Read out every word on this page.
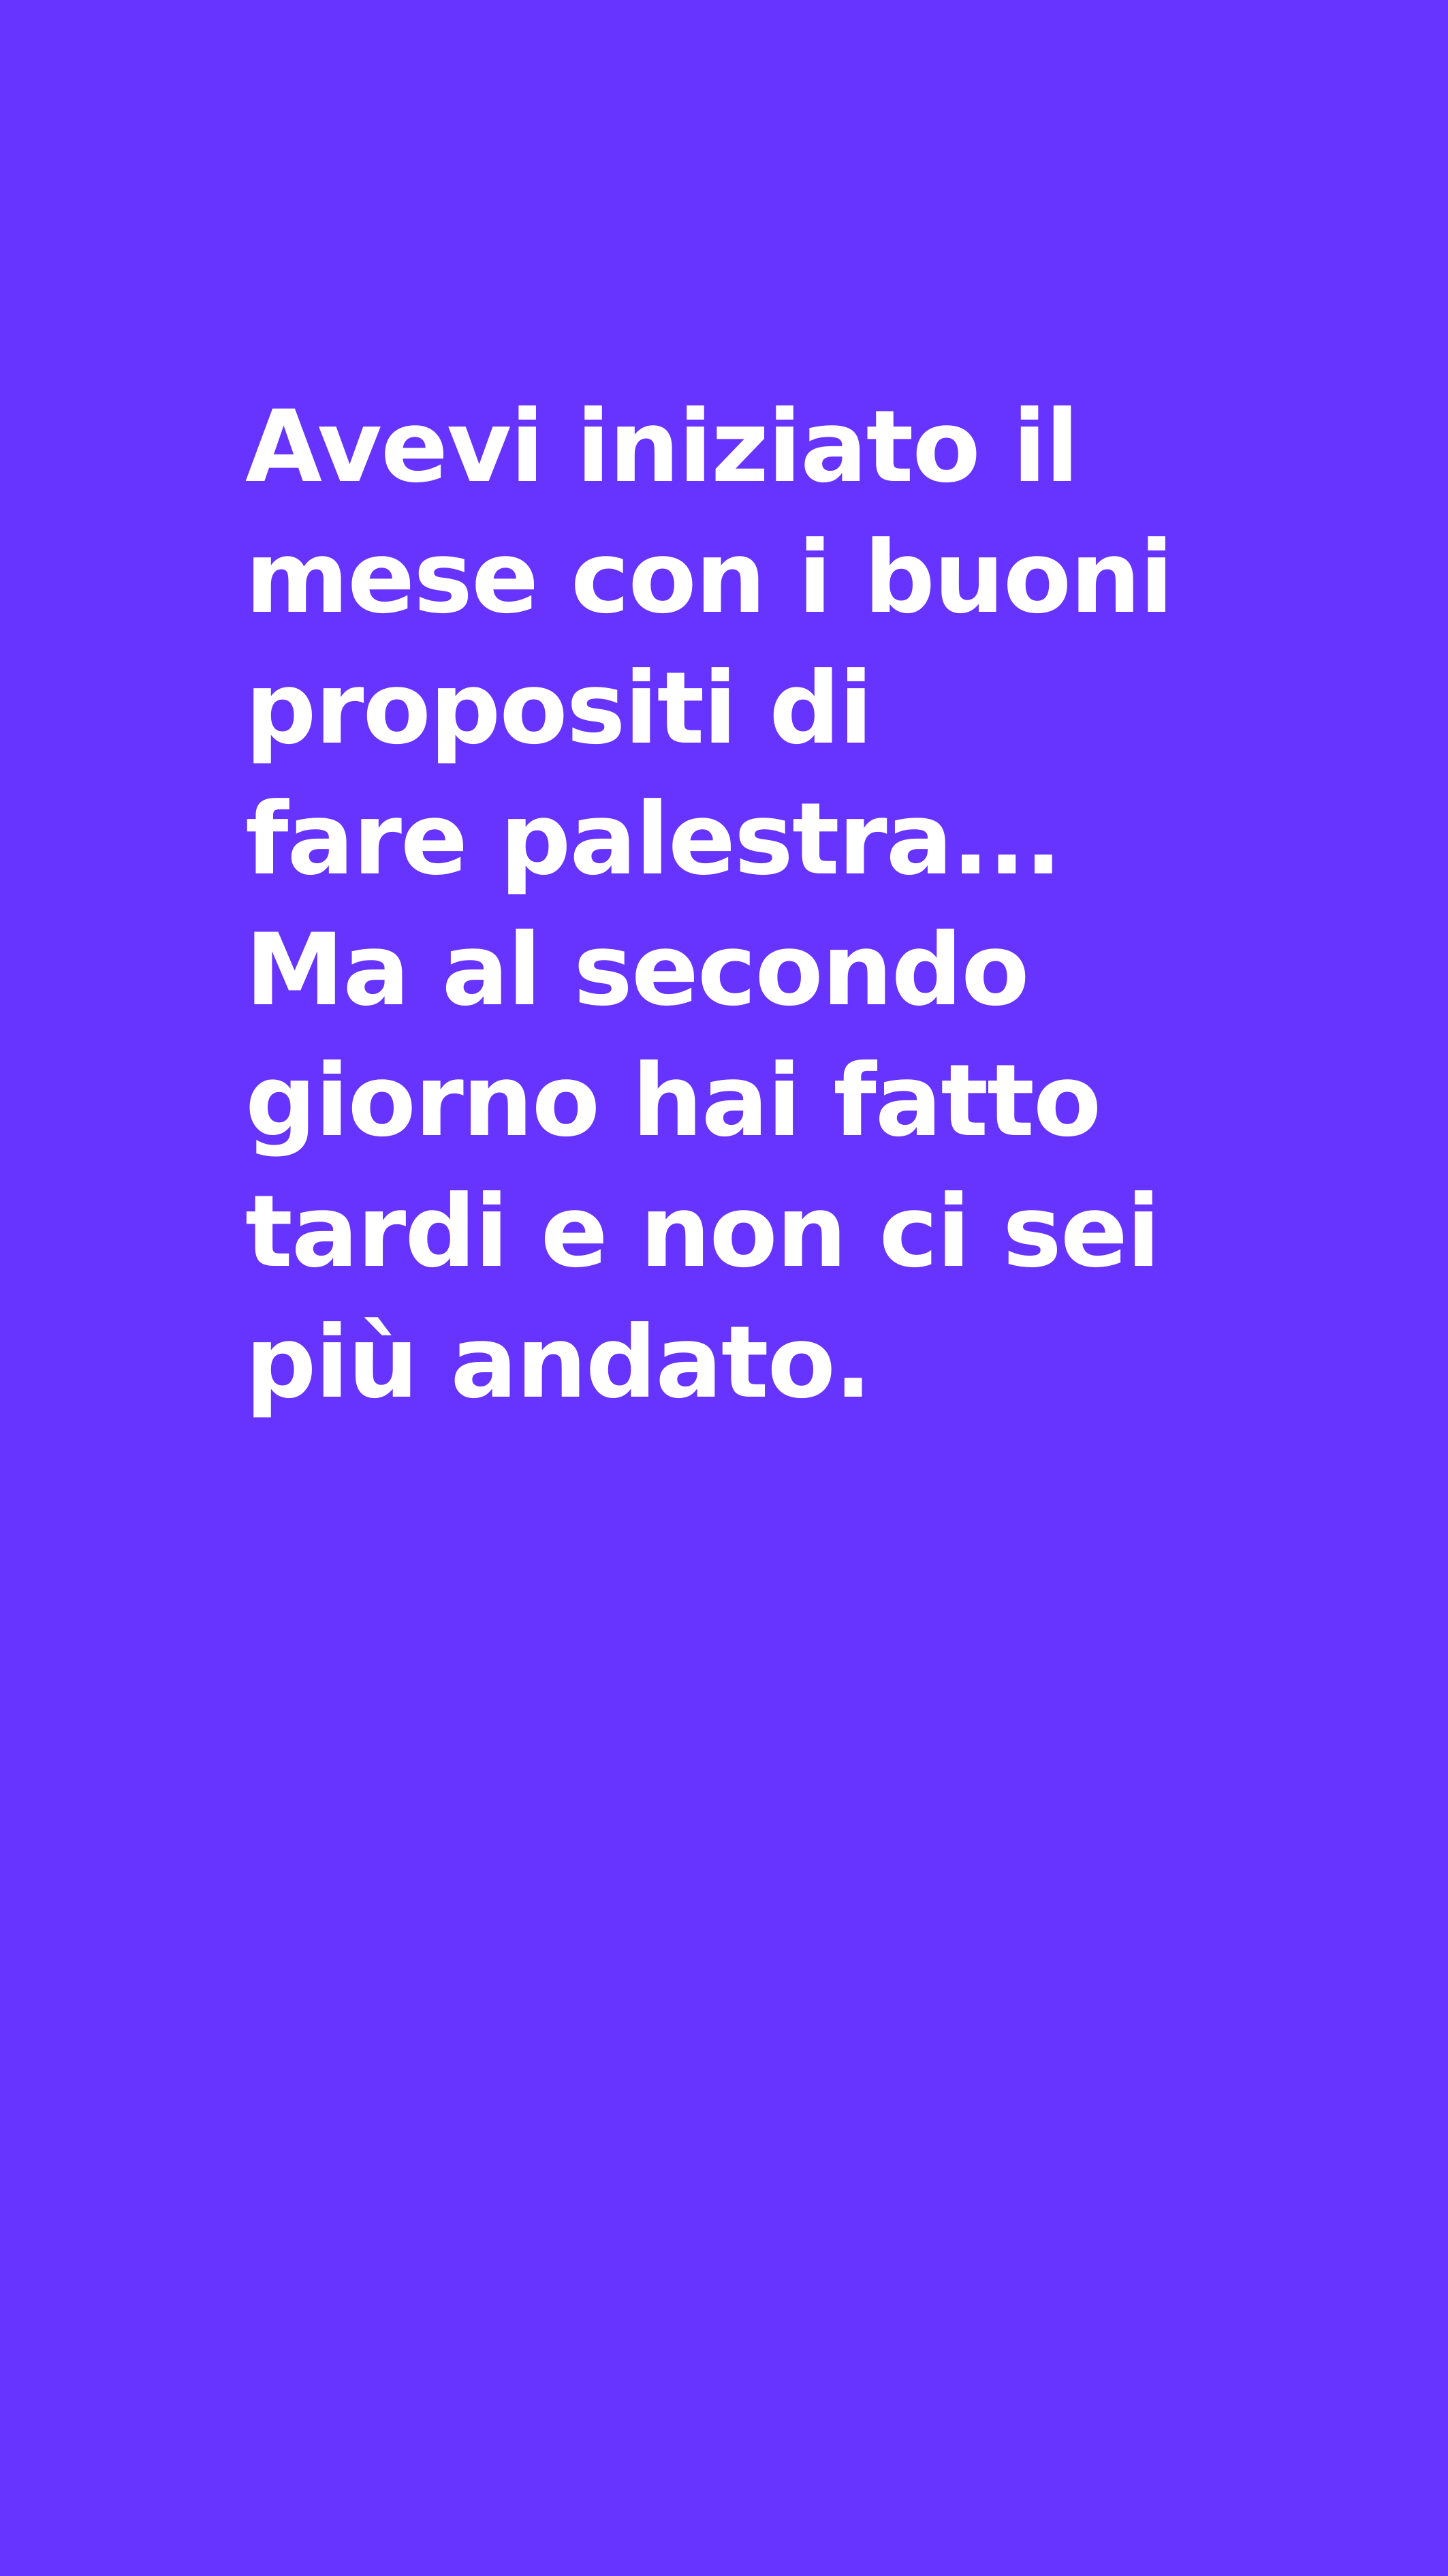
Avevi iniziato il
mese con i buoni
propositi di
fare palestra...
Ma al secondo
giorno hai fatto
tardi e non ci sei
più andato.
